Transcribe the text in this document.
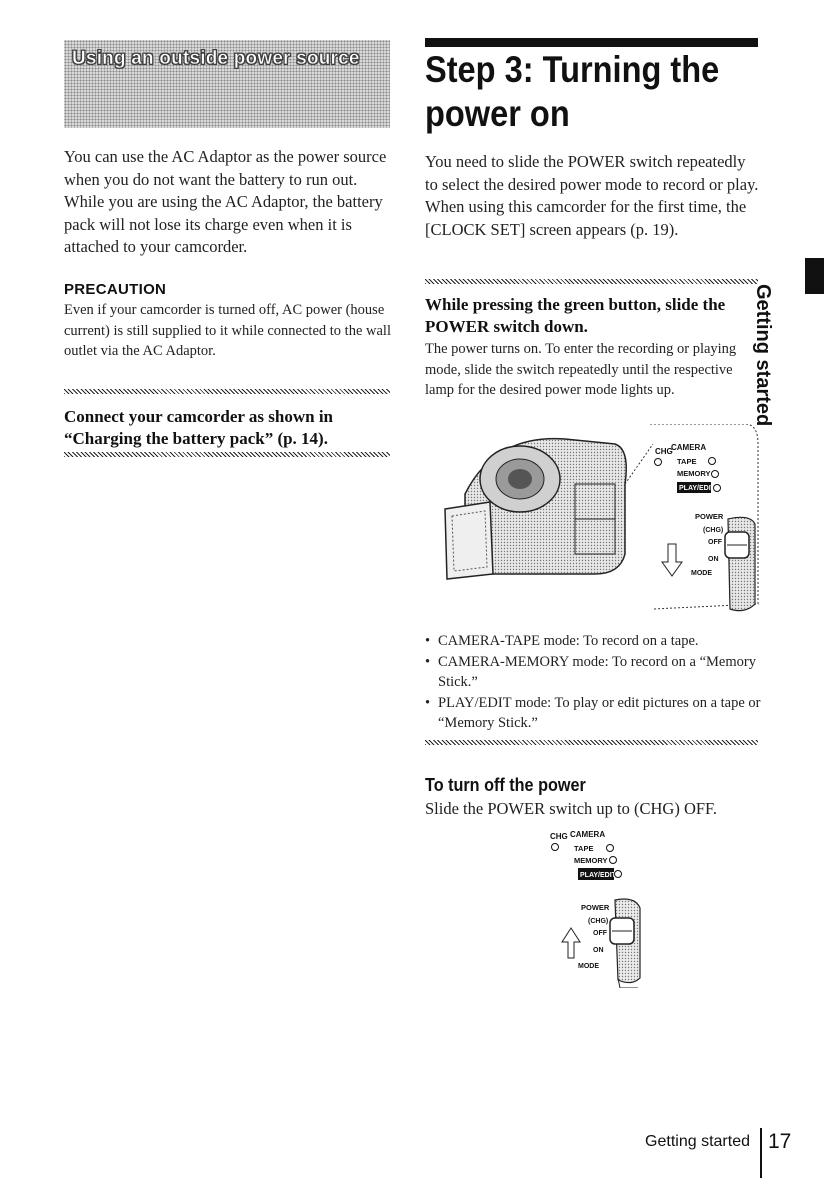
Using an outside power source
You can use the AC Adaptor as the power source when you do not want the battery to run out. While you are using the AC Adaptor, the battery pack will not lose its charge even when it is attached to your camcorder.
PRECAUTION
Even if your camcorder is turned off, AC power (house current) is still supplied to it while connected to the wall outlet via the AC Adaptor.
Connect your camcorder as shown in “Charging the battery pack” (p. 14).
Step 3: Turning the power on
You need to slide the POWER switch repeatedly to select the desired power mode to record or play. When using this camcorder for the first time, the [CLOCK SET] screen appears (p. 19).
While pressing the green button, slide the POWER switch down.
The power turns on. To enter the recording or playing mode, slide the switch repeatedly until the respective lamp for the desired power mode lights up.
CHG
CAMERA
TAPE
MEMORY
PLAY/EDIT
POWER
(CHG)
OFF
ON
MODE
• CAMERA-TAPE mode: To record on a tape.
• CAMERA-MEMORY mode: To record on a “Memory Stick.”
• PLAY/EDIT mode: To play or edit pictures on a tape or “Memory Stick.”
To turn off the power
Slide the POWER switch up to (CHG) OFF.
CHG CAMERA
TAPE
MEMORY
PLAY/EDIT
POWER
(CHG)
OFF
ON
MODE
Getting started
Getting started 17
